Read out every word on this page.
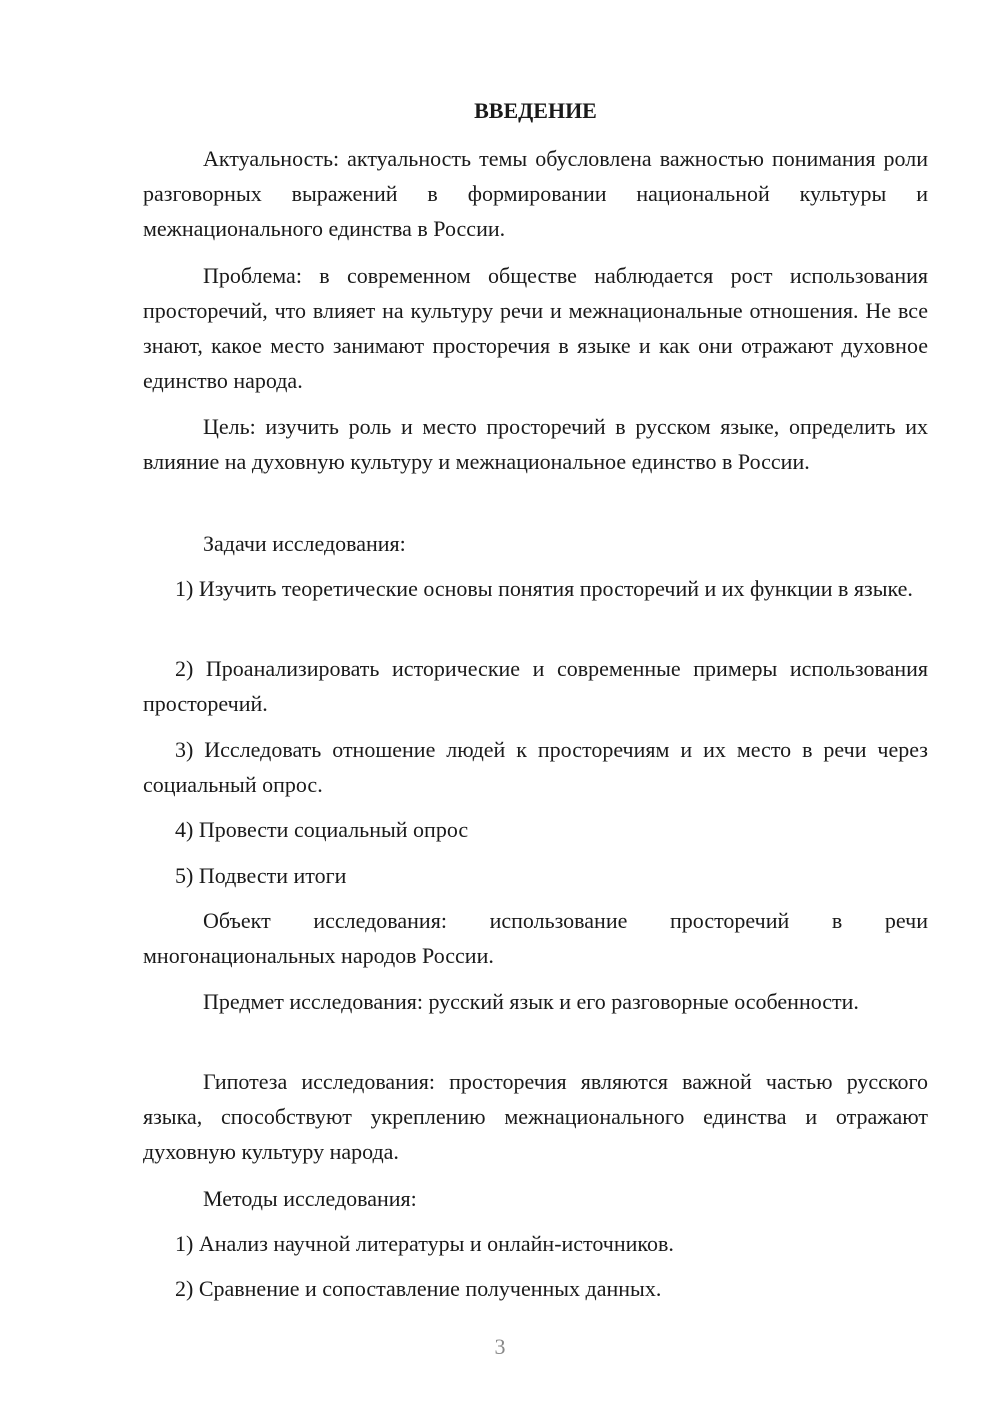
ВВЕДЕНИЕ

Актуальность: актуальность темы обусловлена важностью понимания роли разговорных выражений в формировании национальной культуры и межнационального единства в России.

Проблема: в современном обществе наблюдается рост использования просторечий, что влияет на культуру речи и межнациональные отношения. Не все знают, какое место занимают просторечия в языке и как они отражают духовное единство народа.

Цель: изучить роль и место просторечий в русском языке, определить их влияние на духовную культуру и межнациональное единство в России.

Задачи исследования:

1) Изучить теоретические основы понятия просторечий и их функции в языке.

2) Проанализировать исторические и современные примеры использования просторечий.

3) Исследовать отношение людей к просторечиям и их место в речи через социальный опрос.

4) Провести социальный опрос

5) Подвести итоги

Объект исследования: использование просторечий в речи многонациональных народов России.

Предмет исследования: русский язык и его разговорные особенности.

Гипотеза исследования: просторечия являются важной частью русского языка, способствуют укреплению межнационального единства и отражают духовную культуру народа.

Методы исследования:

1) Анализ научной литературы и онлайн-источников.

2) Сравнение и сопоставление полученных данных.

3
